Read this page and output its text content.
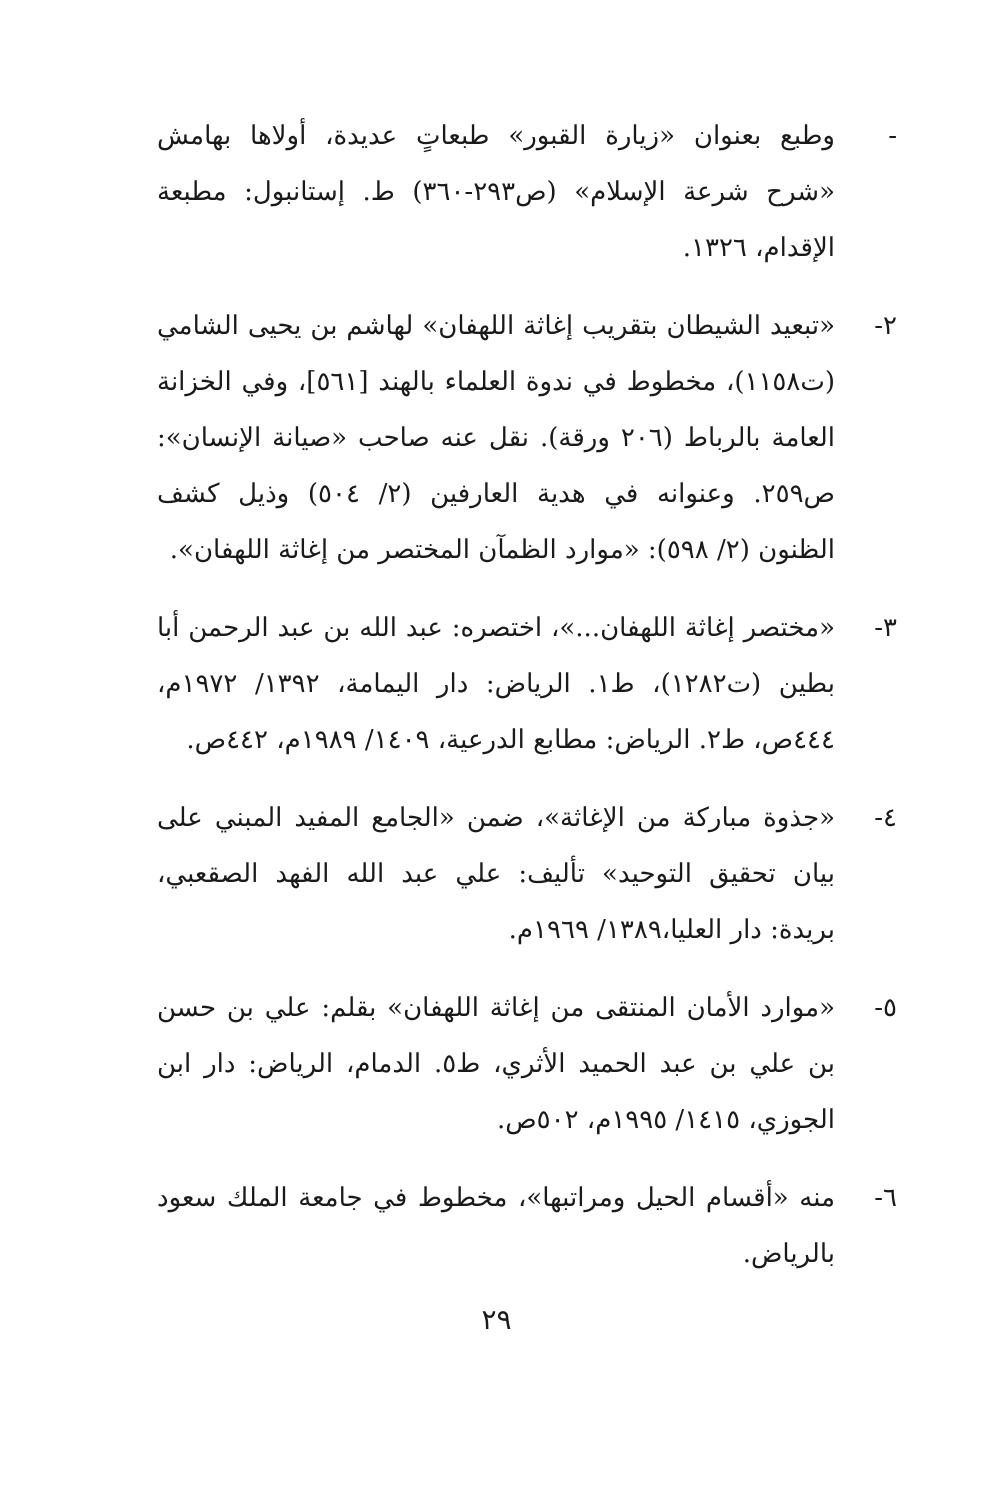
-
وطبع بعنوان «زيارة القبور» طبعاتٍ عديدة، أولاها بهامش «شرح شرعة الإسلام» (ص٢٩٣-٣٦٠) ط. إستانبول: مطبعة الإقدام، ١٣٢٦.
٢-
«تبعيد الشيطان بتقريب إغاثة اللهفان» لهاشم بن يحيى الشامي (ت١١٥٨)، مخطوط في ندوة العلماء بالهند [٥٦١]، وفي الخزانة العامة بالرباط (٢٠٦ ورقة). نقل عنه صاحب «صيانة الإنسان»: ص٢٥٩. وعنوانه في هدية العارفين (٢/ ٥٠٤) وذيل كشف الظنون (٢/ ٥٩٨): «موارد الظمآن المختصر من إغاثة اللهفان».
٣-
«مختصر إغاثة اللهفان...»، اختصره: عبد الله بن عبد الرحمن أبا بطين (ت١٢٨٢)، ط١. الرياض: دار اليمامة، ١٣٩٢/ ١٩٧٢م، ٤٤٤ص، ط٢. الرياض: مطابع الدرعية، ١٤٠٩/ ١٩٨٩م، ٤٤٢ص.
٤-
«جذوة مباركة من الإغاثة»، ضمن «الجامع المفيد المبني على بيان تحقيق التوحيد» تأليف: علي عبد الله الفهد الصقعبي، بريدة: دار العليا،١٣٨٩/ ١٩٦٩م.
٥-
«موارد الأمان المنتقى من إغاثة اللهفان» بقلم: علي بن حسن بن علي بن عبد الحميد الأثري، ط٥. الدمام، الرياض: دار ابن الجوزي، ١٤١٥/ ١٩٩٥م، ٥٠٢ص.
٦-
منه «أقسام الحيل ومراتبها»، مخطوط في جامعة الملك سعود بالرياض.
٢٩
